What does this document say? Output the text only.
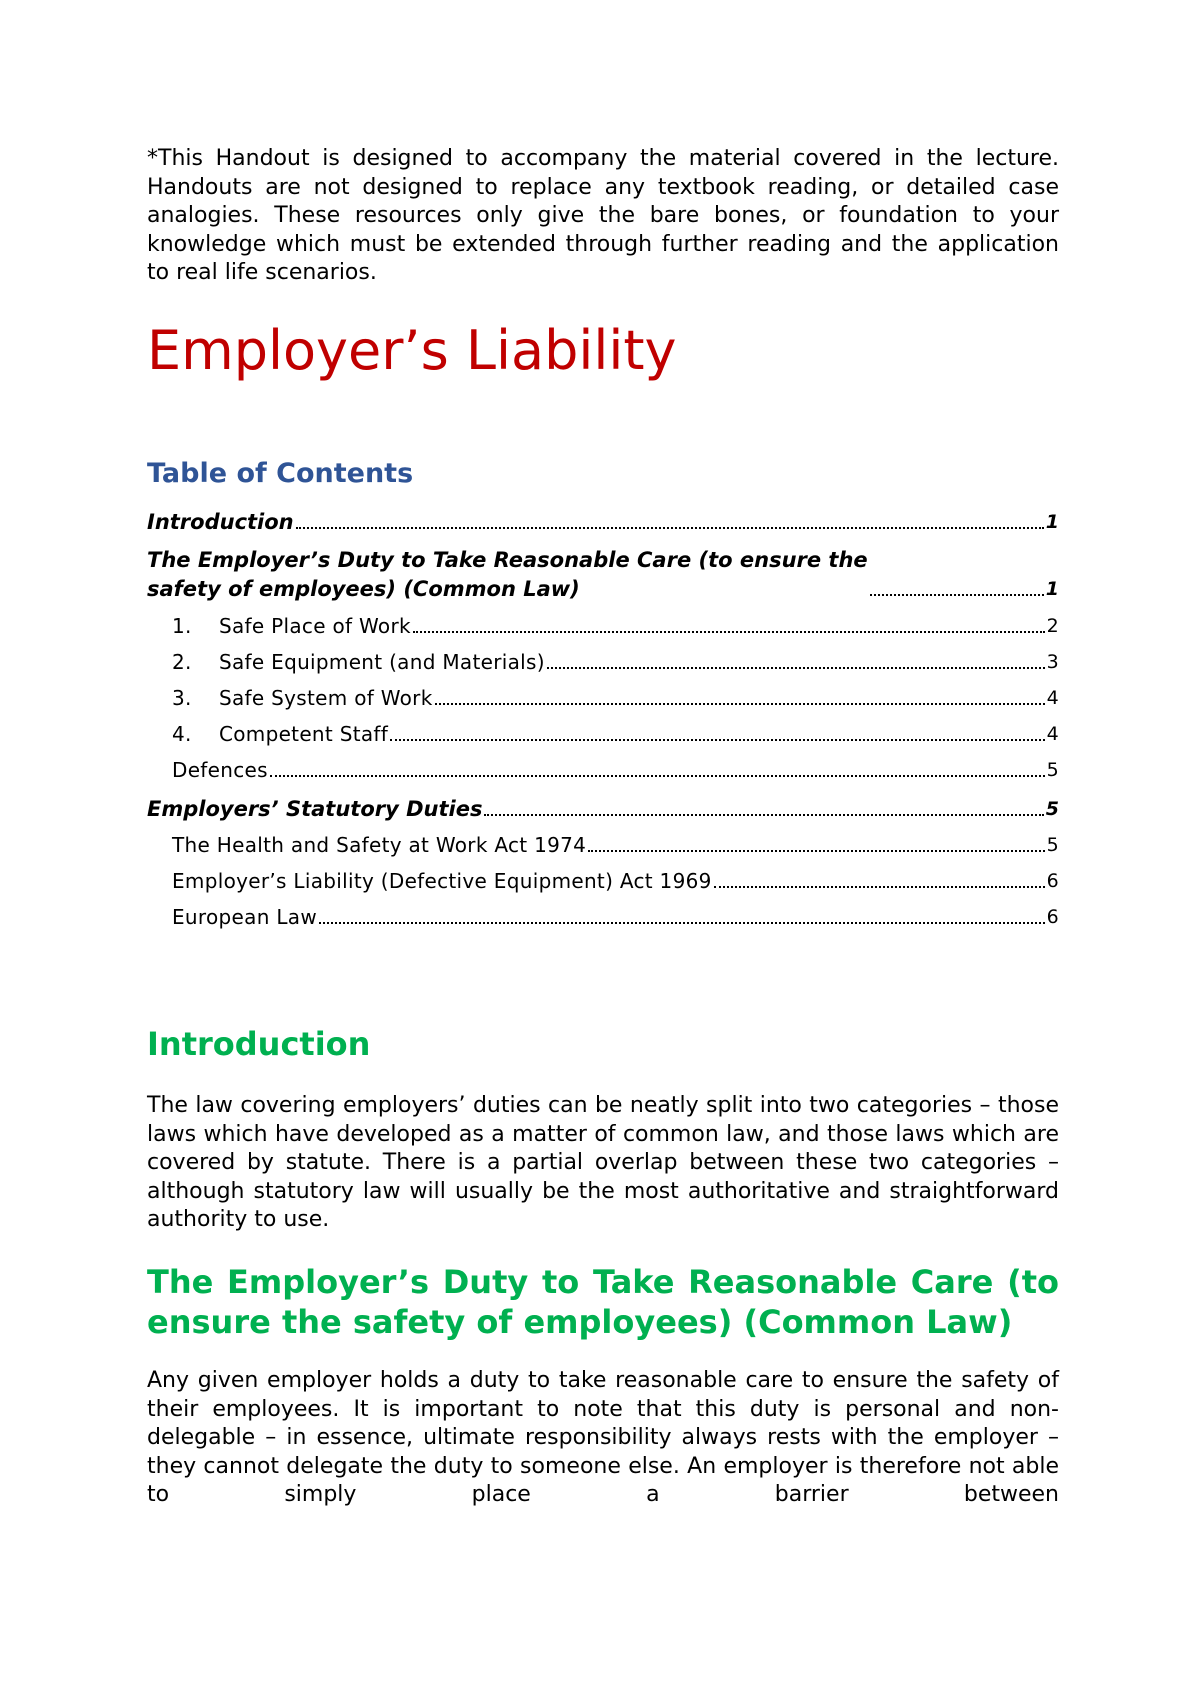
*This Handout is designed to accompany the material covered in the lecture. Handouts are not designed to replace any textbook reading, or detailed case analogies. These resources only give the bare bones, or foundation to your knowledge which must be extended through further reading and the application to real life scenarios.

Employer’s Liability
Table of Contents
Introduction	1
The Employer’s Duty to Take Reasonable Care (to ensure the
safety of employees) (Common Law)	1
1. Safe Place of Work	2
2. Safe Equipment (and Materials)	3
3. Safe System of Work	4
4. Competent Staff	4
Defences	5
Employers’ Statutory Duties	5
The Health and Safety at Work Act 1974	5
Employer’s Liability (Defective Equipment) Act 1969	6
European Law	6
Introduction

The law covering employers’ duties can be neatly split into two categories – those laws which have developed as a matter of common law, and those laws which are covered by statute. There is a partial overlap between these two categories – although statutory law will usually be the most authoritative and straightforward authority to use.

The Employer’s Duty to Take Reasonable Care (to ensure the safety of employees) (Common Law)

Any given employer holds a duty to take reasonable care to ensure the safety of their employees. It is important to note that this duty is personal and non-delegable – in essence, ultimate responsibility always rests with the employer – they cannot delegate the duty to someone else. An employer is therefore not able to simply place a barrier between
